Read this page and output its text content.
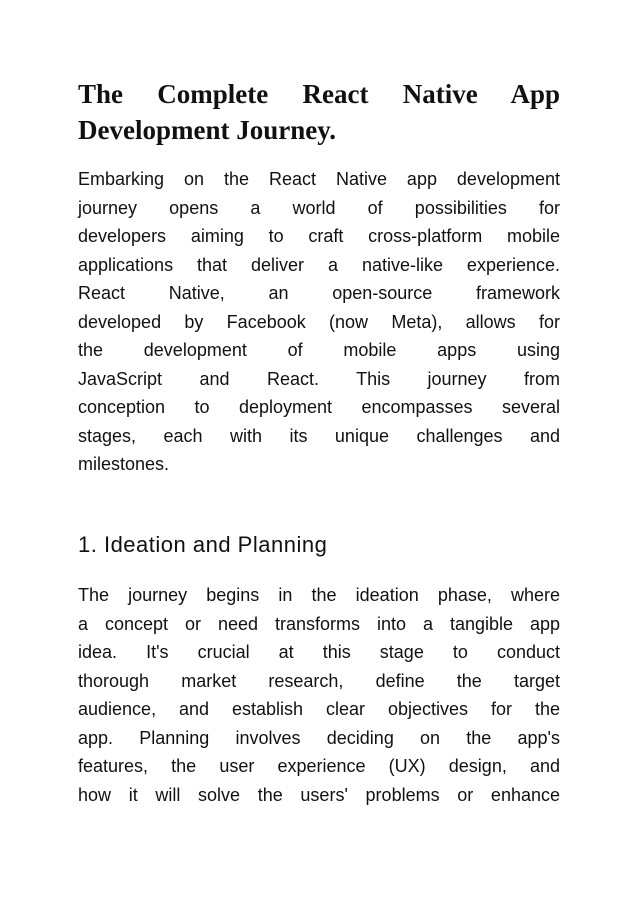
The Complete React Native App
Development Journey.
Embarking on the React Native app development
journey opens a world of possibilities for
developers aiming to craft cross-platform mobile
applications that deliver a native-like experience.
React Native, an open-source framework
developed by Facebook (now Meta), allows for
the development of mobile apps using
JavaScript and React. This journey from
conception to deployment encompasses several
stages, each with its unique challenges and
milestones.
1. Ideation and Planning
The journey begins in the ideation phase, where
a concept or need transforms into a tangible app
idea. It's crucial at this stage to conduct
thorough market research, define the target
audience, and establish clear objectives for the
app. Planning involves deciding on the app's
features, the user experience (UX) design, and
how it will solve the users' problems or enhance
